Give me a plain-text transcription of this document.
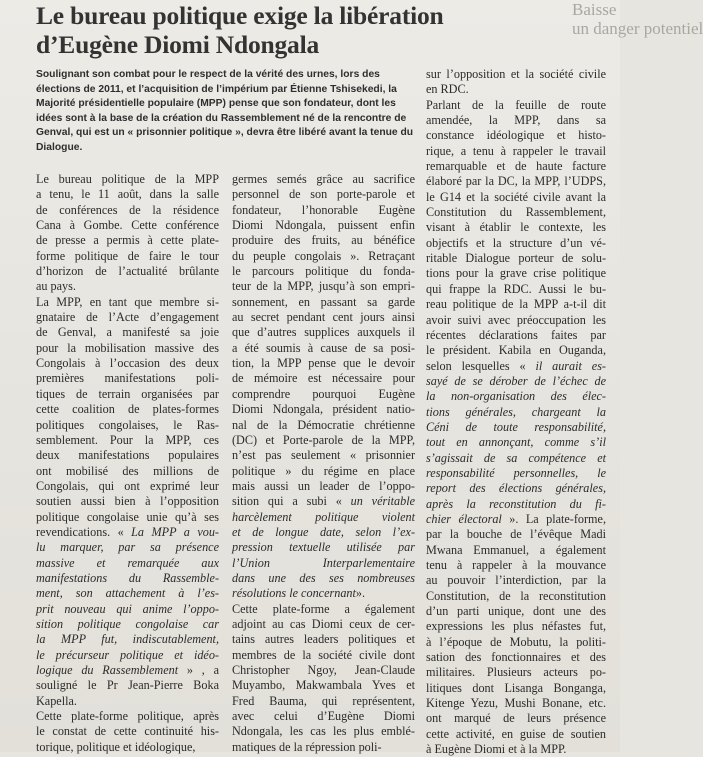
Baisse
un danger potentiel
Le bureau politique exige la libération
d’Eugène Diomi Ndongala

Soulignant son combat pour le respect de la vérité des urnes, lors des élections de 2011, et l’acquisition de l’impérium par Étienne Tshisekedi, la Majorité présidentielle populaire (MPP) pense que son fondateur, dont les idées sont à la base de la création du Rassemblement né de la rencontre de Genval, qui est un « prisonnier politique », devra être libéré avant la tenue du Dialogue.

Le bureau politique de la MPP
a tenu, le 11 août, dans la salle
de conférences de la résidence
Cana à Gombe. Cette conférence
de presse a permis à cette plate-
forme politique de faire le tour
d’horizon de l’actualité brûlante
au pays.
La MPP, en tant que membre si-
gnataire de l’Acte d’engagement
de Genval, a manifesté sa joie
pour la mobilisation massive des
Congolais à l’occasion des deux
premières manifestations poli-
tiques de terrain organisées par
cette coalition de plates-formes
politiques congolaises, le Ras-
semblement. Pour la MPP, ces
deux manifestations populaires
ont mobilisé des millions de
Congolais, qui ont exprimé leur
soutien aussi bien à l’opposition
politique congolaise unie qu’à ses
revendications. « La MPP a vou-
lu marquer, par sa présence
massive et remarquée aux
manifestations du Rassemble-
ment, son attachement à l’es-
prit nouveau qui anime l’oppo-
sition politique congolaise car
la MPP fut, indiscutablement,
le précurseur politique et idéo-
logique du Rassemblement » , a
souligné le Pr Jean-Pierre Boka
Kapella.
Cette plate-forme politique, après
le constat de cette continuité his-
torique, politique et idéologique,
germes semés grâce au sacrifice
personnel de son porte-parole et
fondateur, l’honorable Eugène
Diomi Ndongala, puissent enfin
produire des fruits, au bénéfice
du peuple congolais ». Retraçant
le parcours politique du fonda-
teur de la MPP, jusqu’à son empri-
sonnement, en passant sa garde
au secret pendant cent jours ainsi
que d’autres supplices auxquels il
a été soumis à cause de sa posi-
tion, la MPP pense que le devoir
de mémoire est nécessaire pour
comprendre pourquoi Eugène
Diomi Ndongala, président natio-
nal de la Démocratie chrétienne
(DC) et Porte-parole de la MPP,
n’est pas seulement « prisonnier
politique » du régime en place
mais aussi un leader de l’oppo-
sition qui a subi « un véritable
harcèlement politique violent
et de longue date, selon l’ex-
pression textuelle utilisée par
l’Union Interparlementaire
dans une des ses nombreuses
résolutions le concernant».
Cette plate-forme a également
adjoint au cas Diomi ceux de cer-
tains autres leaders politiques et
membres de la société civile dont
Christopher Ngoy, Jean-Claude
Muyambo, Makwambala Yves et
Fred Bauma, qui représentent,
avec celui d’Eugène Diomi
Ndongala, les cas les plus emblé-
matiques de la répression poli-
sur l’opposition et la société civile
en RDC.
Parlant de la feuille de route
amendée, la MPP, dans sa
constance idéologique et histo-
rique, a tenu à rappeler le travail
remarquable et de haute facture
élaboré par la DC, la MPP, l’UDPS,
le G14 et la société civile avant la
Constitution du Rassemblement,
visant à établir le contexte, les
objectifs et la structure d’un vé-
ritable Dialogue porteur de solu-
tions pour la grave crise politique
qui frappe la RDC. Aussi le bu-
reau politique de la MPP a-t-il dit
avoir suivi avec préoccupation les
récentes déclarations faites par
le président. Kabila en Ouganda,
selon lesquelles « il aurait es-
sayé de se dérober de l’échec de
la non-organisation des élec-
tions générales, chargeant la
Céni de toute responsabilité,
tout en annonçant, comme s’il
s’agissait de sa compétence et
responsabilité personnelles, le
report des élections générales,
après la reconstitution du fi-
chier électoral ». La plate-forme,
par la bouche de l’évêque Madi
Mwana Emmanuel, a également
tenu à rappeler à la mouvance
au pouvoir l’interdiction, par la
Constitution, de la reconstitution
d’un parti unique, dont une des
expressions les plus néfastes fut,
à l’époque de Mobutu, la politi-
sation des fonctionnaires et des
militaires. Plusieurs acteurs po-
litiques dont Lisanga Bonganga,
Kitenge Yezu, Mushi Bonane, etc.
ont marqué de leurs présence
cette activité, en guise de soutien
à Eugène Diomi et à la MPP.
